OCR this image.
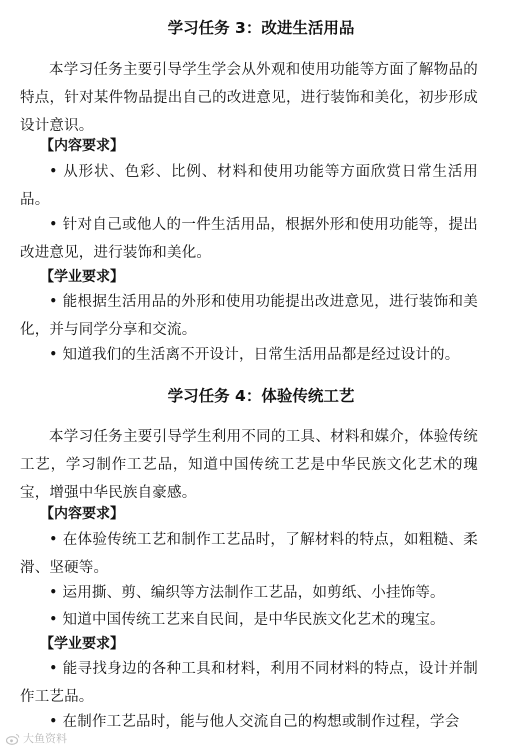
学习任务 3：改进生活用品

本学习任务主要引导学生学会从外观和使用功能等方面了解物品的特点，针对某件物品提出自己的改进意见，进行装饰和美化，初步形成设计意识。

【内容要求】

• 从形状、色彩、比例、材料和使用功能等方面欣赏日常生活用品。

• 针对自己或他人的一件生活用品，根据外形和使用功能等，提出改进意见，进行装饰和美化。

【学业要求】

• 能根据生活用品的外形和使用功能提出改进意见，进行装饰和美化，并与同学分享和交流。

• 知道我们的生活离不开设计，日常生活用品都是经过设计的。

学习任务 4：体验传统工艺

本学习任务主要引导学生利用不同的工具、材料和媒介，体验传统工艺，学习制作工艺品，知道中国传统工艺是中华民族文化艺术的瑰宝，增强中华民族自豪感。

【内容要求】

• 在体验传统工艺和制作工艺品时，了解材料的特点，如粗糙、柔滑、坚硬等。

• 运用撕、剪、编织等方法制作工艺品，如剪纸、小挂饰等。

• 知道中国传统工艺来自民间，是中华民族文化艺术的瑰宝。

【学业要求】

• 能寻找身边的各种工具和材料，利用不同材料的特点，设计并制作工艺品。

• 在制作工艺品时，能与他人交流自己的构想或制作过程，学会

大鱼资料
